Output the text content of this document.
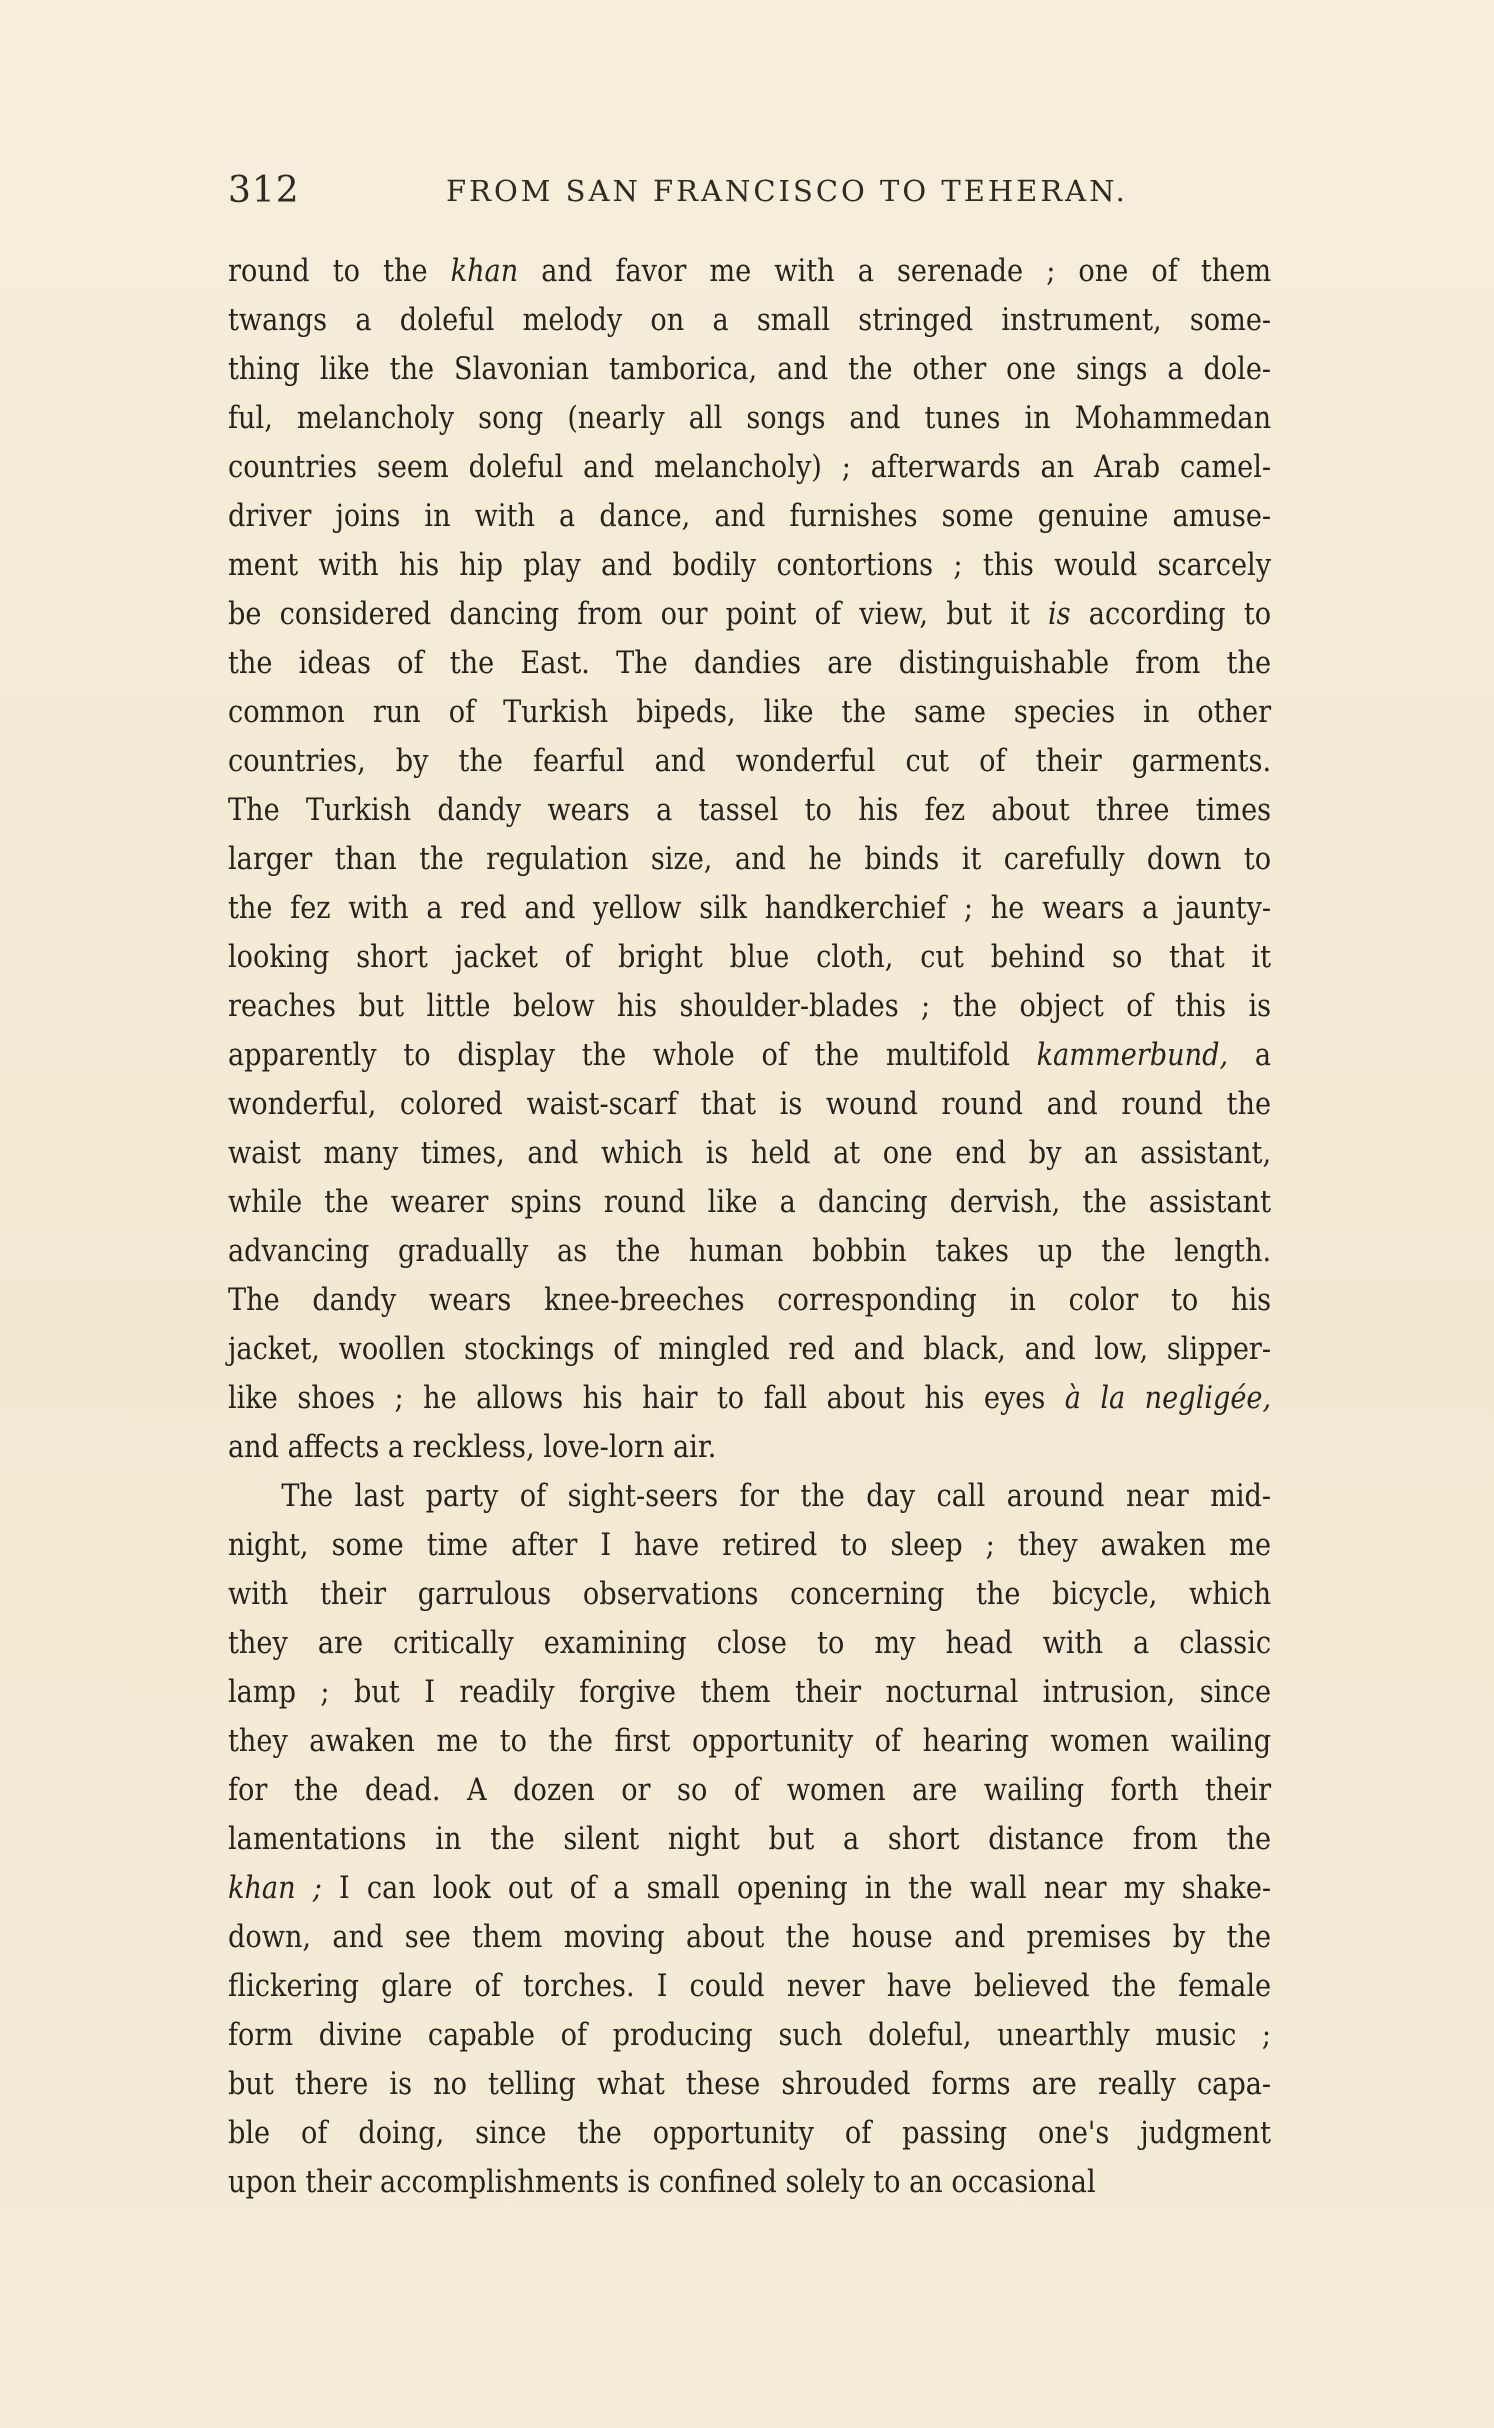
312	FROM SAN FRANCISCO TO TEHERAN.
round to the khan and favor me with a serenade ; one of them
twangs a doleful melody on a small stringed instrument, some-
thing like the Slavonian tamborica, and the other one sings a dole-
ful, melancholy song (nearly all songs and tunes in Mohammedan
countries seem doleful and melancholy) ; afterwards an Arab camel-
driver joins in with a dance, and furnishes some genuine amuse-
ment with his hip play and bodily contortions ; this would scarcely
be considered dancing from our point of view, but it is according to
the ideas of the East. The dandies are distinguishable from the
common run of Turkish bipeds, like the same species in other
countries, by the fearful and wonderful cut of their garments.
The Turkish dandy wears a tassel to his fez about three times
larger than the regulation size, and he binds it carefully down to
the fez with a red and yellow silk handkerchief ; he wears a jaunty-
looking short jacket of bright blue cloth, cut behind so that it
reaches but little below his shoulder-blades ; the object of this is
apparently to display the whole of the multifold kammerbund, a
wonderful, colored waist-scarf that is wound round and round the
waist many times, and which is held at one end by an assistant,
while the wearer spins round like a dancing dervish, the assistant
advancing gradually as the human bobbin takes up the length.
The dandy wears knee-breeches corresponding in color to his
jacket, woollen stockings of mingled red and black, and low, slipper-
like shoes ; he allows his hair to fall about his eyes à la negligée,
and affects a reckless, love-lorn air.
The last party of sight-seers for the day call around near mid-
night, some time after I have retired to sleep ; they awaken me
with their garrulous observations concerning the bicycle, which
they are critically examining close to my head with a classic
lamp ; but I readily forgive them their nocturnal intrusion, since
they awaken me to the first opportunity of hearing women wailing
for the dead. A dozen or so of women are wailing forth their
lamentations in the silent night but a short distance from the
khan ; I can look out of a small opening in the wall near my shake-
down, and see them moving about the house and premises by the
flickering glare of torches. I could never have believed the female
form divine capable of producing such doleful, unearthly music ;
but there is no telling what these shrouded forms are really capa-
ble of doing, since the opportunity of passing one's judgment
upon their accomplishments is confined solely to an occasional
